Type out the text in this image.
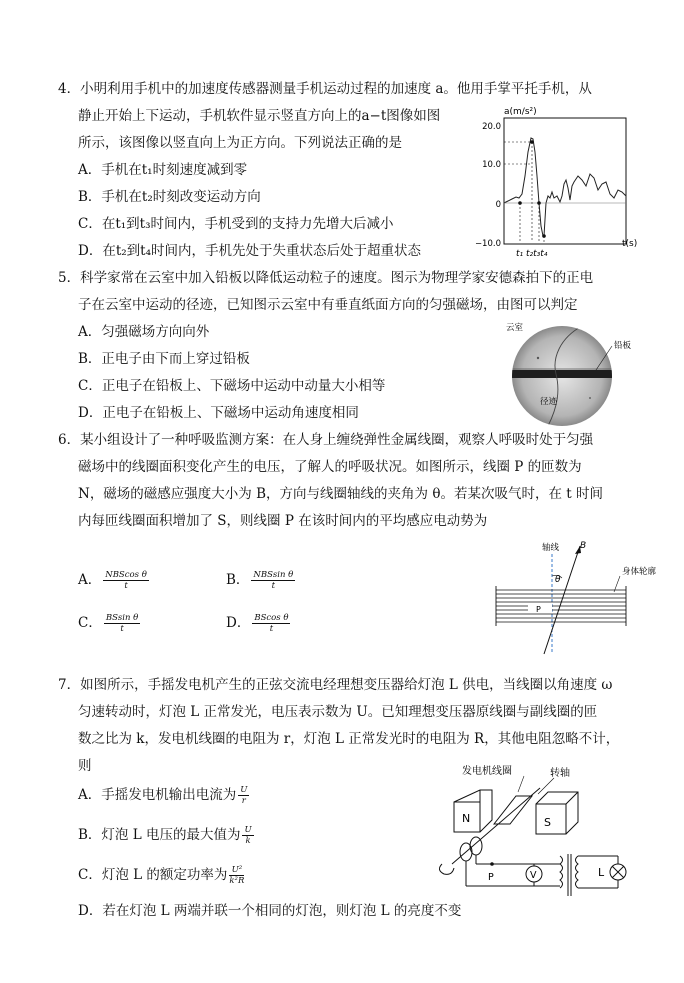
4．小明利用手机中的加速度传感器测量手机运动过程的加速度 a。他用手掌平托手机，从
静止开始上下运动，手机软件显示竖直方向上的a−t图像如图
所示，该图像以竖直向上为正方向。下列说法正确的是
A．手机在t₁时刻速度减到零
B．手机在t₂时刻改变运动方向
C．在t₁到t₃时间内，手机受到的支持力先增大后减小
D．在t₂到t₄时间内，手机先处于失重状态后处于超重状态
a(m/s²)
20.0
10.0
0
−10.0
t₁ t₂t₃t₄
t(s)
5．科学家常在云室中加入铅板以降低运动粒子的速度。图示为物理学家安德森拍下的正电
子在云室中运动的径迹，已知图示云室中有垂直纸面方向的匀强磁场，由图可以判定
A．匀强磁场方向向外
B．正电子由下而上穿过铅板
C．正电子在铅板上、下磁场中运动中动量大小相等
D．正电子在铅板上、下磁场中运动角速度相同
云室
铅板
径迹
6．某小组设计了一种呼吸监测方案：在人身上缠绕弹性金属线圈，观察人呼吸时处于匀强
磁场中的线圈面积变化产生的电压，了解人的呼吸状况。如图所示，线圈 P 的匝数为
N，磁场的磁感应强度大小为 B，方向与线圈轴线的夹角为 θ。若某次吸气时，在 t 时间
内每匝线圈面积增加了 S，则线圈 P 在该时间内的平均感应电动势为
A． $\frac{\text{NBScos θ}}{t}$	B． $\frac{\text{NBSsin θ}}{t}$
C． $\frac{\text{BSsin θ}}{t}$	D． $\frac{\text{BScos θ}}{t}$
轴线 B
θ
身体轮廓
P
7．如图所示，手摇发电机产生的正弦交流电经理想变压器给灯泡 L 供电，当线圈以角速度 ω
匀速转动时，灯泡 L 正常发光，电压表示数为 U。已知理想变压器原线圈与副线圈的匝
数之比为 k，发电机线圈的电阻为 r，灯泡 L 正常发光时的电阻为 R，其他电阻忽略不计，
则
A．手摇发电机输出电流为 $\frac{U}{r}$
B．灯泡 L 电压的最大值为 $\frac{U}{k}$
C．灯泡 L 的额定功率为 $\frac{\text{U²}}{\text{k²R}}$
D．若在灯泡 L 两端并联一个相同的灯泡，则灯泡 L 的亮度不变
发电机线圈	转轴
N	S
P	V	L
